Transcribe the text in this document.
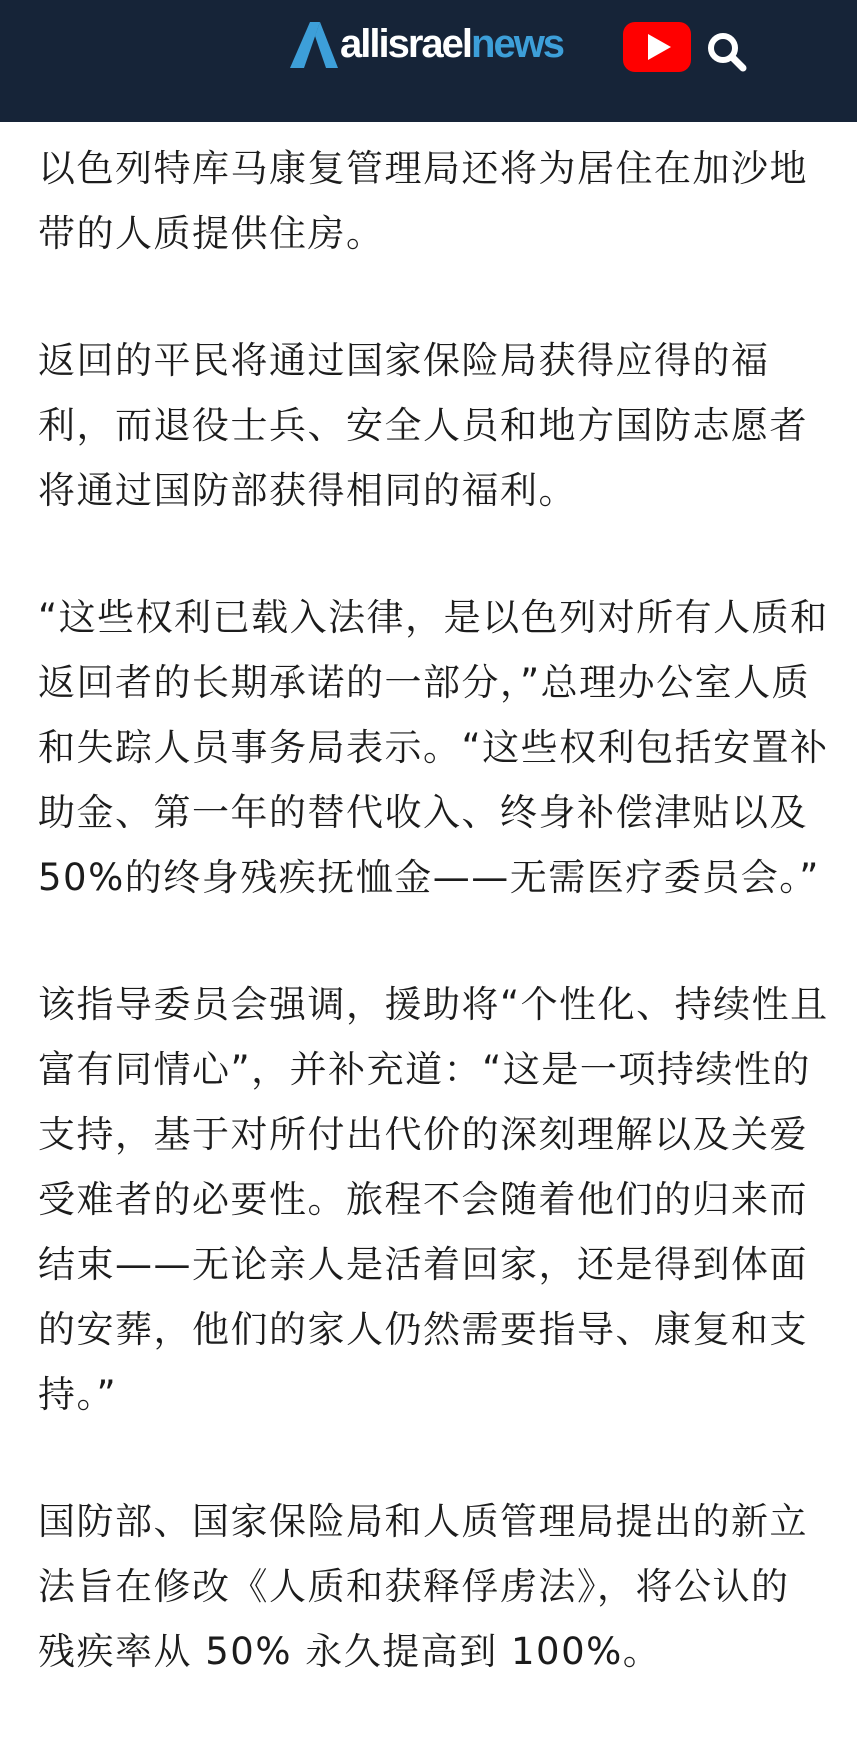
allisraelnews

以色列特库马康复管理局还将为居住在加沙地
带的人质提供住房。

返回的平民将通过国家保险局获得应得的福
利，而退役士兵、安全人员和地方国防志愿者
将通过国防部获得相同的福利。

“这些权利已载入法律，是以色列对所有人质和
返回者的长期承诺的一部分，”总理办公室人质
和失踪人员事务局表示。“这些权利包括安置补
助金、第一年的替代收入、终身补偿津贴以及
50%的终身残疾抚恤金——无需医疗委员会。”

该指导委员会强调，援助将“个性化、持续性且
富有同情心”，并补充道：“这是一项持续性的
支持，基于对所付出代价的深刻理解以及关爱
受难者的必要性。旅程不会随着他们的归来而
结束——无论亲人是活着回家，还是得到体面
的安葬，他们的家人仍然需要指导、康复和支
持。”

国防部、国家保险局和人质管理局提出的新立
法旨在修改《人质和获释俘虏法》，将公认的
残疾率从 50% 永久提高到 100%。
